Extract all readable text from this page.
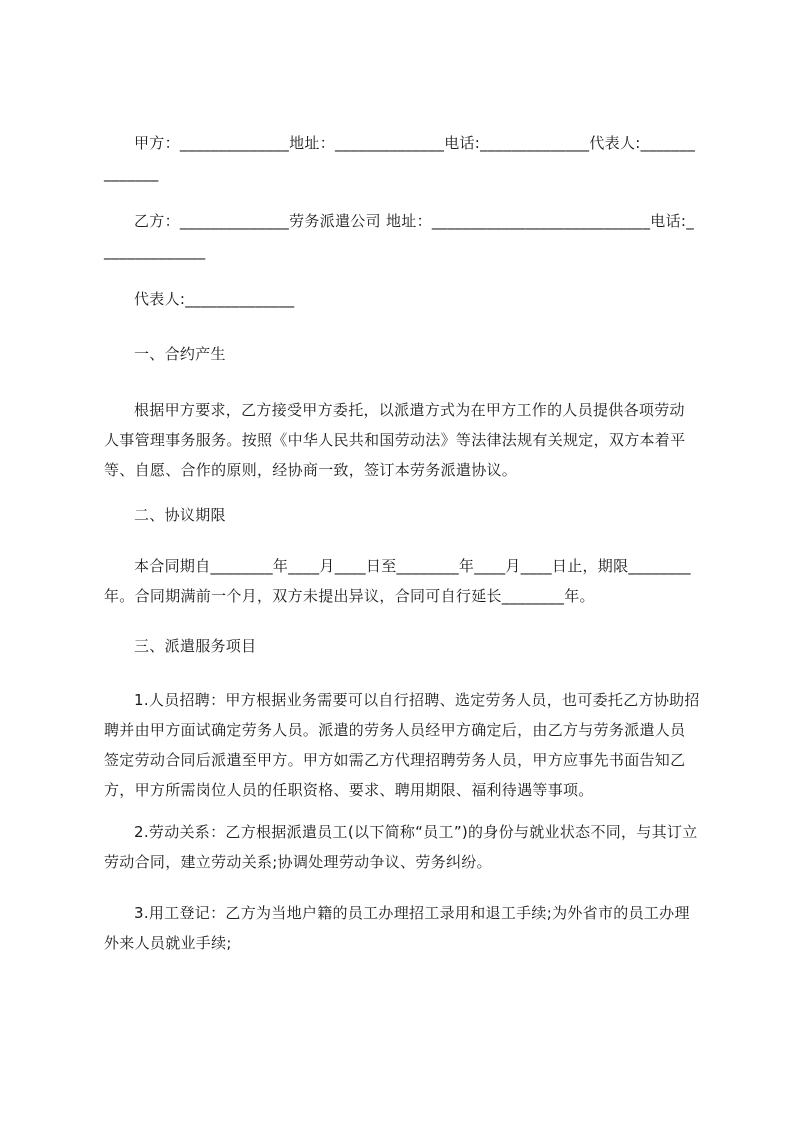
甲方：______________地址：______________电话:______________代表人:______________

乙方：______________劳务派遣公司 地址：____________________________电话:______________

代表人:______________

一、合约产生

根据甲方要求，乙方接受甲方委托，以派遣方式为在甲方工作的人员提供各项劳动人事管理事务服务。按照《中华人民共和国劳动法》等法律法规有关规定，双方本着平等、自愿、合作的原则，经协商一致，签订本劳务派遣协议。

二、协议期限

本合同期自________年____月____日至________年____月____日止，期限________年。合同期满前一个月，双方未提出异议，合同可自行延长________年。

三、派遣服务项目

1.人员招聘：甲方根据业务需要可以自行招聘、选定劳务人员，也可委托乙方协助招聘并由甲方面试确定劳务人员。派遣的劳务人员经甲方确定后，由乙方与劳务派遣人员签定劳动合同后派遣至甲方。甲方如需乙方代理招聘劳务人员，甲方应事先书面告知乙方，甲方所需岗位人员的任职资格、要求、聘用期限、福利待遇等事项。

2.劳动关系：乙方根据派遣员工(以下简称“员工”)的身份与就业状态不同，与其订立劳动合同，建立劳动关系;协调处理劳动争议、劳务纠纷。

3.用工登记：乙方为当地户籍的员工办理招工录用和退工手续;为外省市的员工办理外来人员就业手续;
